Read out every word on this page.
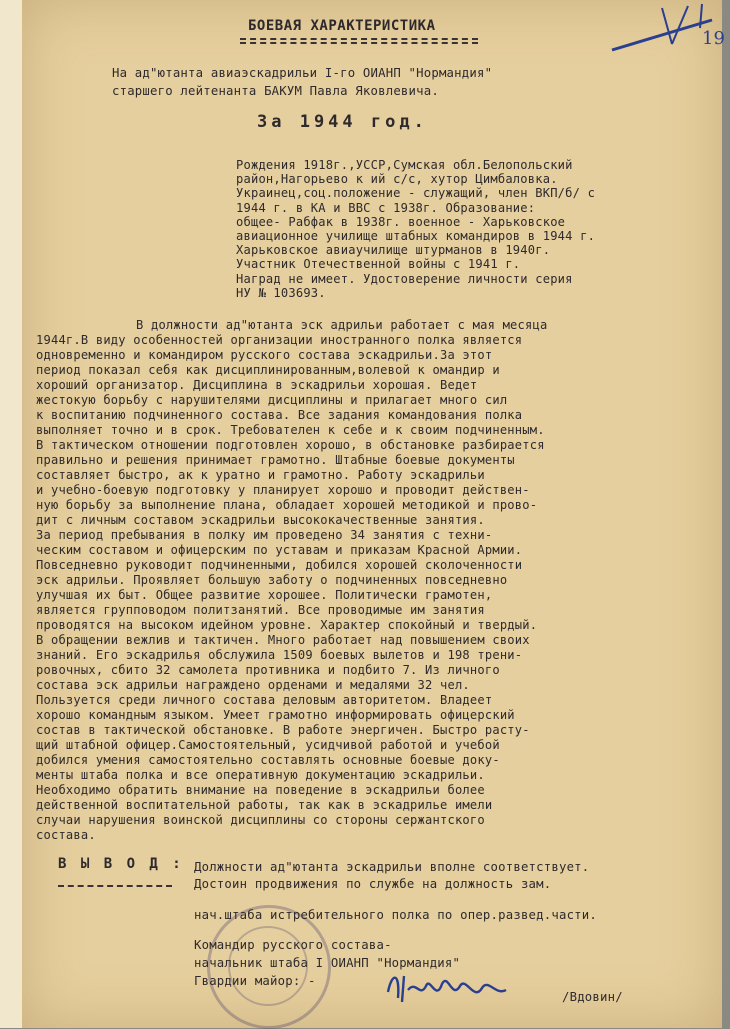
БОЕВАЯ ХАРАКТЕРИСТИКА
На ад"ютанта авиаэскадрильи I-го ОИАНП "Нормандия"
старшего лейтенанта БАКУМ Павла Яковлевича.
За 1944 год.
Рождения 1918г.,УССР,Сумская обл.Белопольский
район,Нагорьево к ий с/с, хутор Цимбаловка.
Украинец,соц.положение - служащий, член ВКП/б/ с
1944 г. в КА и ВВС с 1938г. Образование:
общее- Рабфак в 1938г. военное - Харьковское
авиационное училище штабных командиров в 1944 г.
Харьковское авиаучилище штурманов в 1940г.
Участник Отечественной войны с 1941 г.
Наград не имеет. Удостоверение личности серия
НУ № 103693.
В должности ад"ютанта эск адрильи работает с мая месяца
1944г.В виду особенностей организации иностранного полка является
одновременно и командиром русского состава эскадрильи.За этот
период показал себя как дисциплинированным,волевой к омандир и
хороший организатор. Дисциплина в эскадрильи хорошая. Ведет
жестокую борьбу с нарушителями дисциплины и прилагает много сил
к воспитанию подчиненного состава. Все задания командования полка
выполняет точно и в срок. Требователен к себе и к своим подчиненным.
В тактическом отношении подготовлен хорошо, в обстановке разбирается
правильно и решения принимает грамотно. Штабные боевые документы
составляет быстро, ак к уратно и грамотно. Работу эскадрильи
и учебно-боевую подготовку у планирует хорошо и проводит действен-
ную борьбу за выполнение плана, обладает хорошей методикой и прово-
дит с личным составом эскадрильи высококачественные занятия.
За период пребывания в полку им проведено 34 занятия с техни-
ческим составом и офицерским по уставам и приказам Красной Армии.
Повседневно руководит подчиненными, добился хорошей сколоченности
эск адрильи. Проявляет большую заботу о подчиненных повседневно
улучшая их быт. Общее развитие хорошее. Политически грамотен,
является групповодом политзанятий. Все проводимые им занятия
проводятся на высоком идейном уровне. Характер спокойный и твердый.
В обращении вежлив и тактичен. Много работает над повышением своих
знаний. Его эскадрилья обслужила 1509 боевых вылетов и 198 трени-
ровочных, сбито 32 самолета противника и подбито 7. Из личного
состава эск адрильи награждено орденами и медалями 32 чел.
Пользуется среди личного состава деловым авторитетом. Владеет
хорошо командным языком. Умеет грамотно информировать офицерский
состав в тактической обстановке. В работе энергичен. Быстро расту-
щий штабной офицер.Самостоятельный, усидчивой работой и учебой
добился умения самостоятельно составлять основные боевые доку-
менты штаба полка и все оперативную документацию эскадрильи.
Необходимо обратить внимание на поведение в эскадрильи более
действенной воспитательной работы, так как в эскадрилье имели
случаи нарушения воинской дисциплины со стороны сержантского
состава.
В Ы В О Д : Должности ад"ютанта эскадрильи вполне соответствует.
Достоин продвижения по службе на должность зам.
нач.штаба истребительного полка по опер.развед.части.
Командир русского состава-
начальник штаба I ОИАНП "Нормандия"
Гвардии майор: -
/Вдовин/
19
